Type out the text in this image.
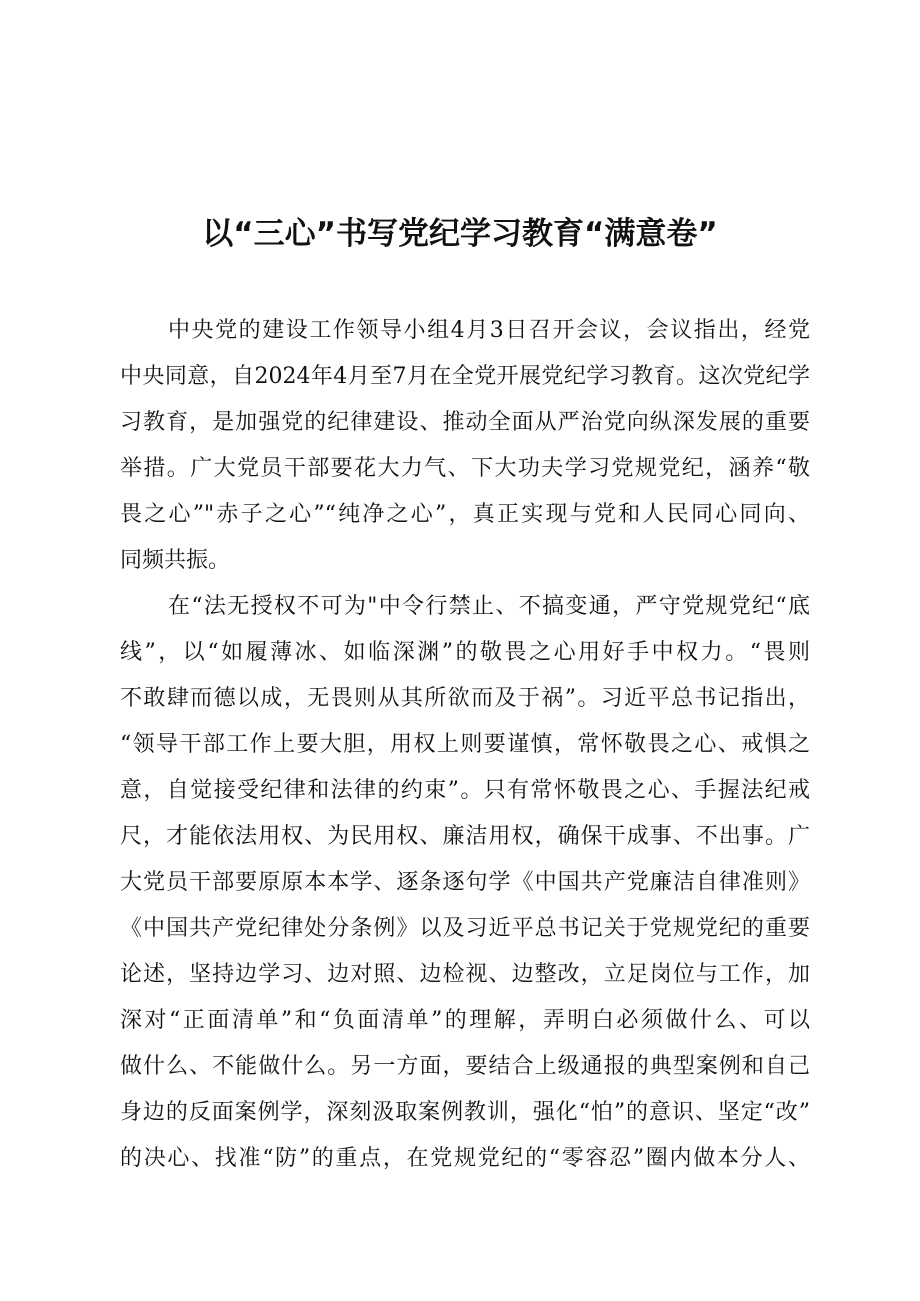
以“三心”书写党纪学习教育“满意卷”
中央党的建设工作领导小组4月3日召开会议，会议指出，经党
中央同意，自2024年4月至7月在全党开展党纪学习教育。这次党纪学
习教育，是加强党的纪律建设、推动全面从严治党向纵深发展的重要
举措。广大党员干部要花大力气、下大功夫学习党规党纪，涵养“敬
畏之心”"赤子之心”“纯净之心”，真正实现与党和人民同心同向、
同频共振。
在“法无授权不可为"中令行禁止、不搞变通，严守党规党纪“底
线”，以“如履薄冰、如临深渊”的敬畏之心用好手中权力。“畏则
不敢肆而德以成，无畏则从其所欲而及于祸”。习近平总书记指出，
“领导干部工作上要大胆，用权上则要谨慎，常怀敬畏之心、戒惧之
意，自觉接受纪律和法律的约束”。只有常怀敬畏之心、手握法纪戒
尺，才能依法用权、为民用权、廉洁用权，确保干成事、不出事。广
大党员干部要原原本本学、逐条逐句学《中国共产党廉洁自律准则》
《中国共产党纪律处分条例》以及习近平总书记关于党规党纪的重要
论述，坚持边学习、边对照、边检视、边整改，立足岗位与工作，加
深对“正面清单”和“负面清单”的理解，弄明白必须做什么、可以
做什么、不能做什么。另一方面，要结合上级通报的典型案例和自己
身边的反面案例学，深刻汲取案例教训，强化“怕”的意识、坚定“改”
的决心、找准“防”的重点，在党规党纪的“零容忍”圈内做本分人、
